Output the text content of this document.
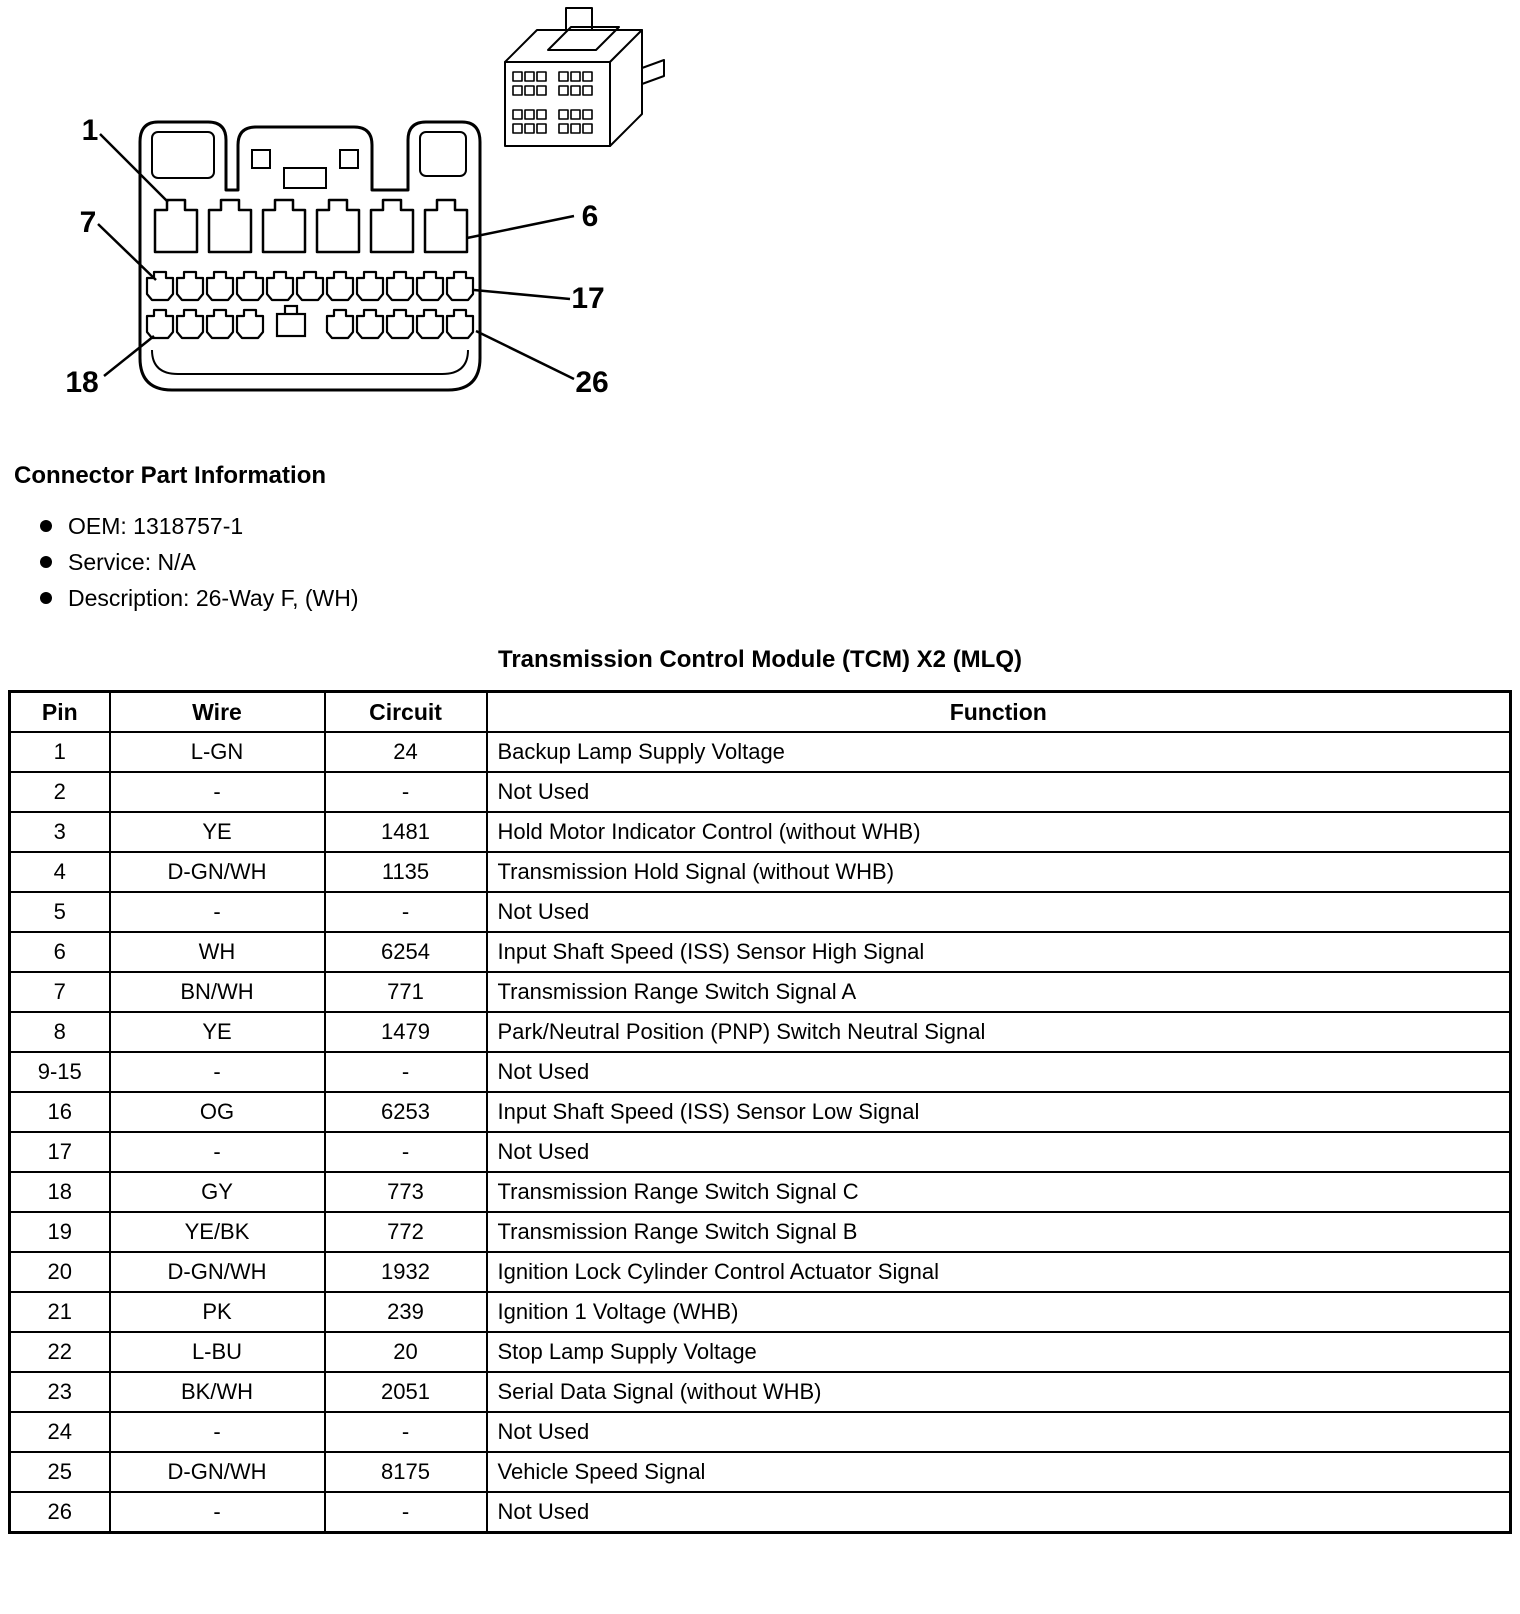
1
7
18
6
17
26
Connector Part Information
OEM: 1318757-1
Service: N/A
Description: 26-Way F, (WH)
Transmission Control Module (TCM) X2 (MLQ)
Pin	Wire	Circuit	Function
1	L-GN	24	Backup Lamp Supply Voltage
2	-	-	Not Used
3	YE	1481	Hold Motor Indicator Control (without WHB)
4	D-GN/WH	1135	Transmission Hold Signal (without WHB)
5	-	-	Not Used
6	WH	6254	Input Shaft Speed (ISS) Sensor High Signal
7	BN/WH	771	Transmission Range Switch Signal A
8	YE	1479	Park/Neutral Position (PNP) Switch Neutral Signal
9-15	-	-	Not Used
16	OG	6253	Input Shaft Speed (ISS) Sensor Low Signal
17	-	-	Not Used
18	GY	773	Transmission Range Switch Signal C
19	YE/BK	772	Transmission Range Switch Signal B
20	D-GN/WH	1932	Ignition Lock Cylinder Control Actuator Signal
21	PK	239	Ignition 1 Voltage (WHB)
22	L-BU	20	Stop Lamp Supply Voltage
23	BK/WH	2051	Serial Data Signal (without WHB)
24	-	-	Not Used
25	D-GN/WH	8175	Vehicle Speed Signal
26	-	-	Not Used
